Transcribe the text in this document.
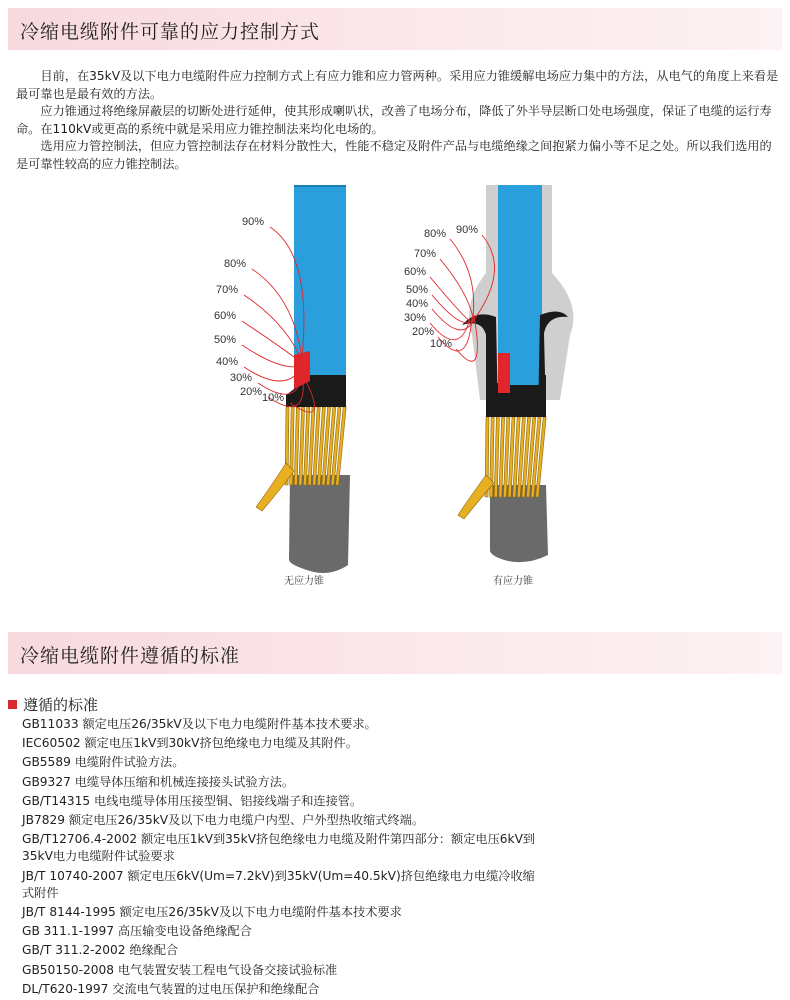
冷缩电缆附件可靠的应力控制方式

目前，在35kV及以下电力电缆附件应力控制方式上有应力锥和应力管两种。采用应力锥缓解电场应力集中的方法，从电气的角度上来看是最可靠也是最有效的方法。

应力锥通过将绝缘屏蔽层的切断处进行延伸，使其形成喇叭状，改善了电场分布，降低了外半导层断口处电场强度，保证了电缆的运行寿命。在110kV或更高的系统中就是采用应力锥控制法来均化电场的。

选用应力管控制法，但应力管控制法存在材料分散性大，性能不稳定及附件产品与电缆绝缘之间抱紧力偏小等不足之处。所以我们选用的是可靠性较高的应力锥控制法。

90%
80%
70%
60%
50%
40%
30%
20% 10%
90%
80%
70%
60%
50%
40%
30%
20%
10%
无应力锥	有应力锥
冷缩电缆附件遵循的标准
遵循的标准
GB11033 额定电压26/35kV及以下电力电缆附件基本技术要求。
IEC60502 额定电压1kV到30kV挤包绝缘电力电缆及其附件。
GB5589 电缆附件试验方法。
GB9327 电缆导体压缩和机械连接接头试验方法。
GB/T14315 电线电缆导体用压接型铜、铝接线端子和连接管。
JB7829 额定电压26/35kV及以下电力电缆户内型、户外型热收缩式终端。
GB/T12706.4-2002 额定电压1kV到35kV挤包绝缘电力电缆及附件第四部分：额定电压6kV到35kV电力电缆附件试验要求
JB/T 10740-2007 额定电压6kV(Um=7.2kV)到35kV(Um=40.5kV)挤包绝缘电力电缆冷收缩式附件
JB/T 8144-1995 额定电压26/35kV及以下电力电缆附件基本技术要求
GB 311.1-1997 高压输变电设备绝缘配合
GB/T 311.2-2002 绝缘配合
GB50150-2008 电气装置安装工程电气设备交接试验标准
DL/T620-1997 交流电气装置的过电压保护和绝缘配合
